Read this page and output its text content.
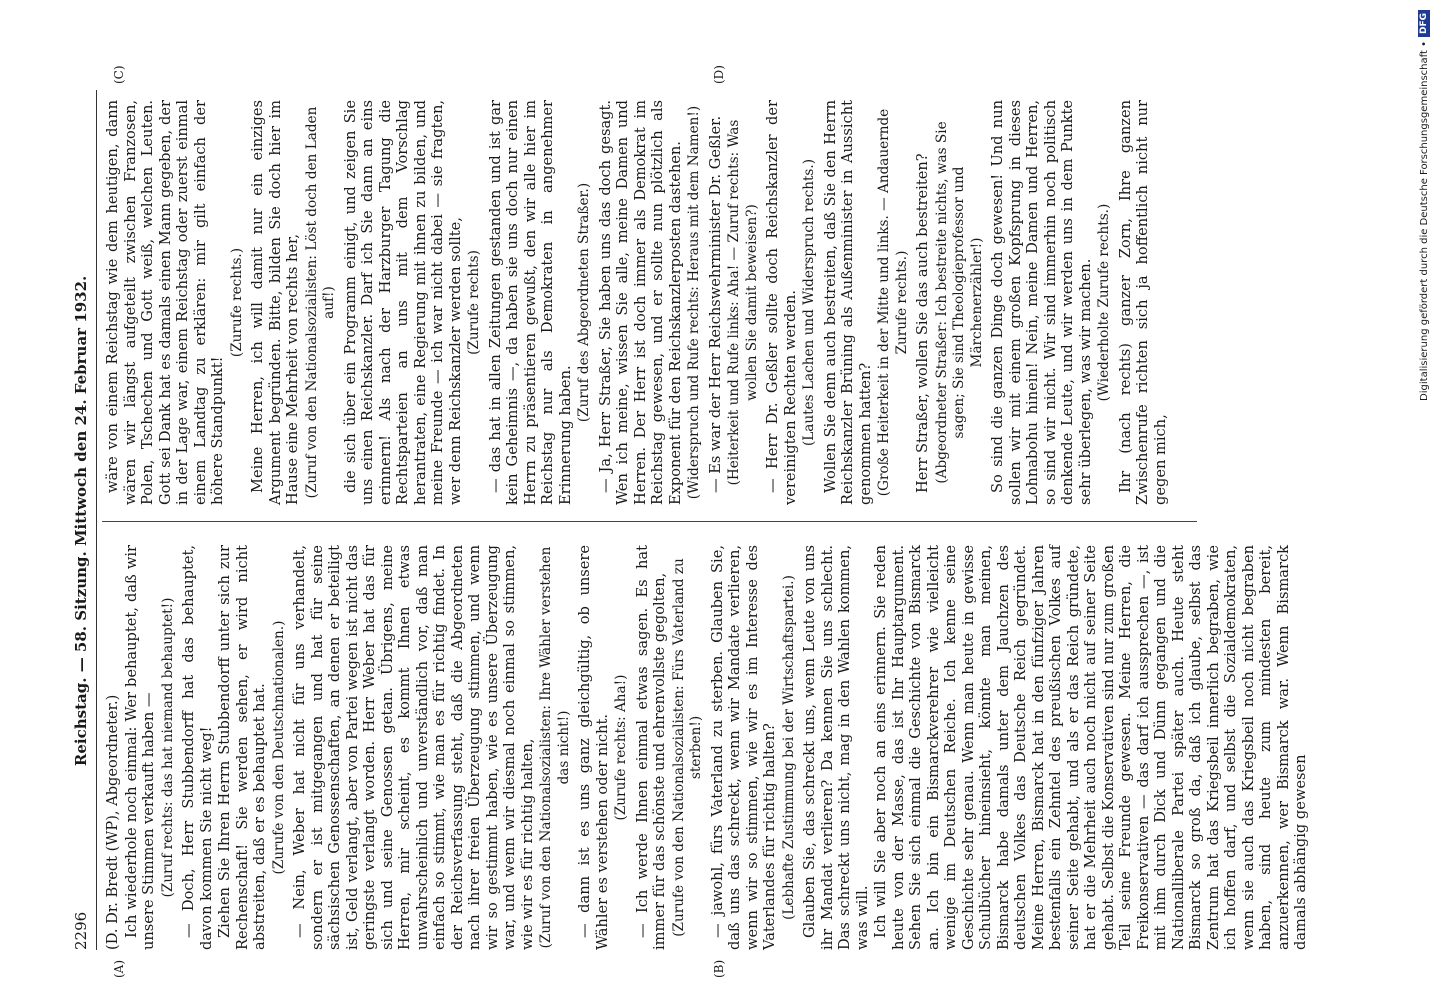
2296
Reichstag. — 58. Sitzung. Mittwoch den 24. Februar 1932.

(D. Dr. Bredt (WP), Abgeordneter.) Ich wiederhole noch einmal: Wer behauptet, daß wir unsere Stimmen verkauft haben — (Zuruf rechts: das hat niemand behauptet!) — Doch, Herr Stubbendorff hat das behauptet, davon kommen Sie nicht weg! Ziehen Sie Ihren Herrn Stubbendorff unter sich zur Rechenschaft! Sie werden sehen, er wird nicht abstreiten, daß er es behauptet hat. (Zurufe von den Deutschnationalen.) — Nein, Weber hat nicht für uns verhandelt, sondern er ist mitgegangen und hat für seine sächsischen Genossenschaften, an denen er beteiligt ist, Geld verlangt, aber von Partei wegen ist nicht das geringste verlangt worden. Herr Weber hat das für sich und seine Genossen getan. Übrigens, meine Herren, mir scheint, es kommt Ihnen etwas unwahrscheinlich und unverständlich vor, daß man einfach so stimmt, wie man es für richtig findet. In der Reichsverfassung steht, daß die Abgeordneten nach ihrer freien Überzeugung stimmen, und wenn wir so gestimmt haben, wie es unsere Überzeugung war, und wenn wir diesmal noch einmal so stimmen, wie wir es für richtig halten, (Zuruf von den Nationalsozialisten: Ihre Wähler verstehen das nicht!) — dann ist es uns ganz gleichgültig, ob unsere Wähler es verstehen oder nicht. (Zurufe rechts: Aha!) — Ich werde Ihnen einmal etwas sagen. Es hat immer für das schönste und ehrenvollste gegolten, (Zurufe von den Nationalsozialisten: Fürs Vaterland zu sterben!) — jawohl, fürs Vaterland zu sterben. Glauben Sie, daß uns das schreckt, wenn wir Mandate verlieren, wenn wir so stimmen, wie wir es im Interesse des Vaterlandes für richtig halten? (Lebhafte Zustimmung bei der Wirtschaftspartei.) Glauben Sie, das schreckt uns, wenn Leute von uns ihr Mandat verlieren? Da kennen Sie uns schlecht. Das schreckt uns nicht, mag in den Wahlen kommen, was will. Ich will Sie aber noch an eins erinnern. Sie reden heute von der Masse, das ist Ihr Hauptargument. Sehen Sie sich einmal die Geschichte von Bismarck an. Ich bin ein Bismarckverehrer wie vielleicht wenige im Deutschen Reiche. Ich kenne seine Geschichte sehr genau. Wenn man heute in gewisse Schulbücher hineinsieht, könnte man meinen, Bismarck habe damals unter dem Jauchzen des deutschen Volkes das Deutsche Reich gegründet. Meine Herren, Bismarck hat in den fünfziger Jahren bestenfalls ein Zehntel des preußischen Volkes auf seiner Seite gehabt, und als er das Reich gründete, hat er die Mehrheit auch noch nicht auf seiner Seite gehabt. Selbst die Konservativen sind nur zum großen Teil seine Freunde gewesen. Meine Herren, die Freikonservativen — das darf ich aussprechen —, ist mit ihm durch Dick und Dünn gegangen und die Nationalliberale Partei später auch. Heute steht Bismarck so groß da, daß ich glaube, selbst das Zentrum hat das Kriegsbeil innerlich begraben, wie ich hoffen darf, und selbst die Sozialdemokraten, wenn sie auch das Kriegsbeil noch nicht begraben haben, sind heute zum mindesten bereit, anzuerkennen, wer Bismarck war. Wenn Bismarck damals abhängig gewesen

wäre von einem Reichstag wie dem heutigen, dann wären wir längst aufgeteilt zwischen Franzosen, Polen, Tschechen und Gott weiß, welchen Leuten. Gott sei Dank hat es damals einen Mann gegeben, der in der Lage war, einem Reichstag oder zuerst einmal einem Landtag zu erklären: mir gilt einfach der höhere Standpunkt!

(Zurufe rechts.) Meine Herren, ich will damit nur ein einziges Argument begründen. Bitte, bilden Sie doch hier im Hause eine Mehrheit von rechts her, (Zuruf von den Nationalsozialisten: Löst doch den Laden auf!) die sich über ein Programm einigt, und zeigen Sie uns einen Reichskanzler. Darf ich Sie dann an eins erinnern! Als nach der Harzburger Tagung die Rechtsparteien an uns mit dem Vorschlag herantraten, eine Regierung mit ihnen zu bilden, und meine Freunde — ich war nicht dabei — sie fragten, wer denn Reichskanzler werden sollte, (Zurufe rechts) — das hat in allen Zeitungen gestanden und ist gar kein Geheimnis —, da haben sie uns doch nur einen Herrn zu präsentieren gewußt, den wir alle hier im Reichstag nur als Demokraten in angenehmer Erinnerung haben.

(Zuruf des Abgeordneten Straßer.) — Ja, Herr Straßer, Sie haben uns das doch gesagt. Wen ich meine, wissen Sie alle, meine Damen und Herren. Der Herr ist doch immer als Demokrat im Reichstag gewesen, und er sollte nun plötzlich als Exponent für den Reichskanzlerposten dastehen. (Widerspruch und Rufe rechts: Heraus mit dem Namen!) — Es war der Herr Reichswehrminister Dr. Geßler. (Heiterkeit und Rufe links: Aha! — Zuruf rechts: Was wollen Sie damit beweisen?) — Herr Dr. Geßler sollte doch Reichskanzler der vereinigten Rechten werden. (Lautes Lachen und Widerspruch rechts.) Wollen Sie denn auch bestreiten, daß Sie den Herrn Reichskanzler Brüning als Außenminister in Aussicht genommen hatten? (Große Heiterkeit in der Mitte und links. — Andauernde Zurufe rechts.) Herr Straßer, wollen Sie das auch bestreiten? (Abgeordneter Straßer: Ich bestreite nichts, was Sie sagen; Sie sind Theologieprofessor und Märchenerzähler!) So sind die ganzen Dinge doch gewesen! Und nun sollen wir mit einem großen Kopfsprung in dieses Lohnabohu hinein! Nein, meine Damen und Herren, so sind wir nicht. Wir sind immerhin noch politisch denkende Leute, und wir werden uns in dem Punkte sehr überlegen, was wir machen. (Wiederholte Zurufe rechts.) Ihr (nach rechts) ganzer Zorn, Ihre ganzen Zwischenrufe richten sich ja hoffentlich nicht nur gegen mich,

(A)	(B)
(C)	(D)	Digitalisierung gefördert durch die Deutsche Forschungsgemeinschaft •
DFG
